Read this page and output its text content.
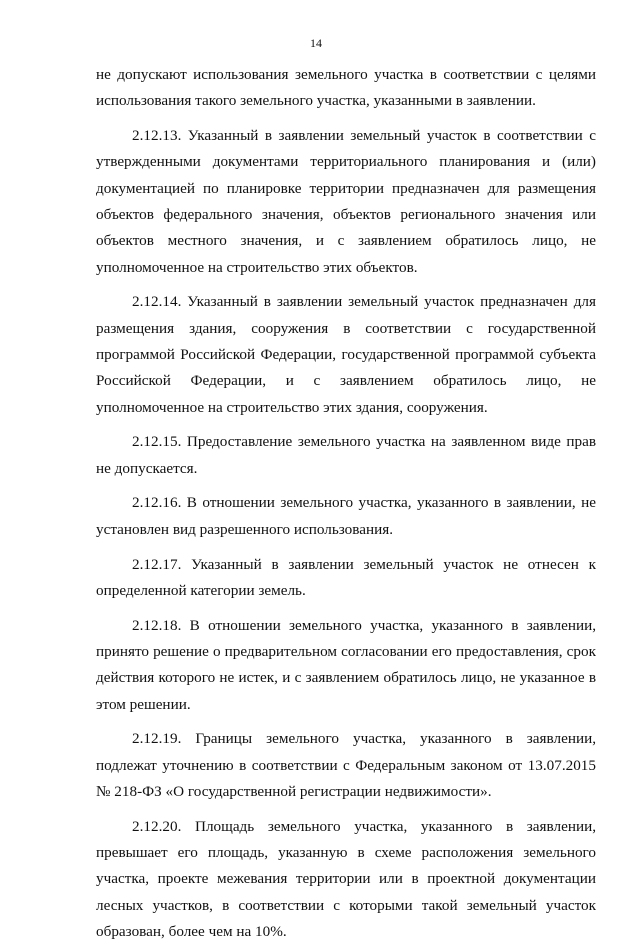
14

не допускают использования земельного участка в соответствии с целями использования такого земельного участка, указанными в заявлении.

2.12.13. Указанный в заявлении земельный участок в соответствии с утвержденными документами территориального планирования и (или) документацией по планировке территории предназначен для размещения объектов федерального значения, объектов регионального значения или объектов местного значения, и с заявлением обратилось лицо, не уполномоченное на строительство этих объектов.

2.12.14. Указанный в заявлении земельный участок предназначен для размещения здания, сооружения в соответствии с государственной программой Российской Федерации, государственной программой субъекта Российской Федерации, и с заявлением обратилось лицо, не уполномоченное на строительство этих здания, сооружения.

2.12.15. Предоставление земельного участка на заявленном виде прав не допускается.

2.12.16. В отношении земельного участка, указанного в заявлении, не установлен вид разрешенного использования.

2.12.17. Указанный в заявлении земельный участок не отнесен к определенной категории земель.

2.12.18. В отношении земельного участка, указанного в заявлении, принято решение о предварительном согласовании его предоставления, срок действия которого не истек, и с заявлением обратилось лицо, не указанное в этом решении.

2.12.19. Границы земельного участка, указанного в заявлении, подлежат уточнению в соответствии с Федеральным законом от 13.07.2015 № 218-ФЗ «О государственной регистрации недвижимости».

2.12.20. Площадь земельного участка, указанного в заявлении, превышает его площадь, указанную в схеме расположения земельного участка, проекте межевания территории или в проектной документации лесных участков, в соответствии с которыми такой земельный участок образован, более чем на 10%.
